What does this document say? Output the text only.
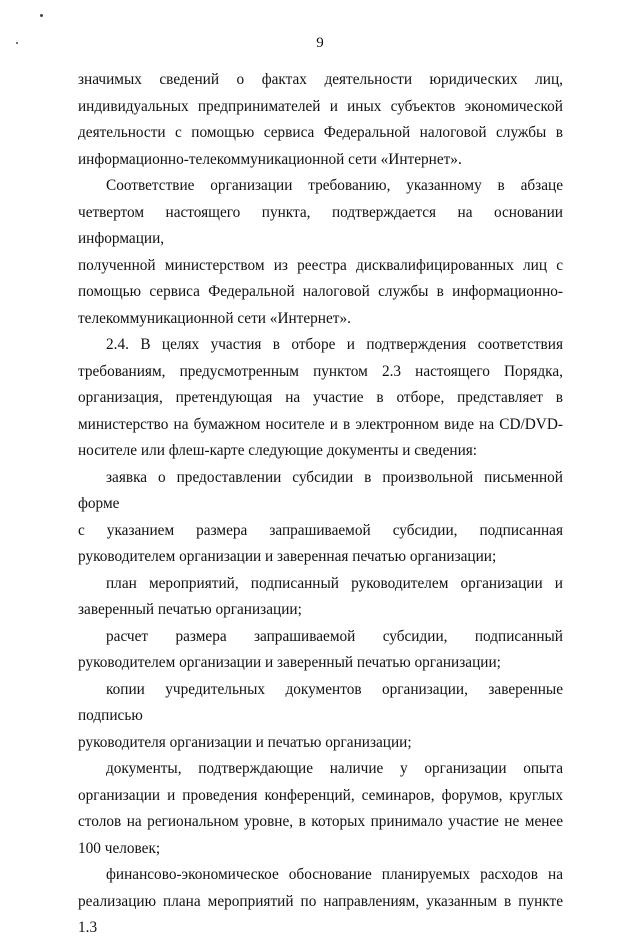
9
значимых сведений о фактах деятельности юридических лиц,
индивидуальных предпринимателей и иных субъектов экономической
деятельности с помощью сервиса Федеральной налоговой службы в
информационно-телекоммуникационной сети «Интернет».
Соответствие организации требованию, указанному в абзаце
четвертом настоящего пункта, подтверждается на основании информации,
полученной министерством из реестра дисквалифицированных лиц с
помощью сервиса Федеральной налоговой службы в информационно-
телекоммуникационной сети «Интернет».
2.4. В целях участия в отборе и подтверждения соответствия
требованиям, предусмотренным пунктом 2.3 настоящего Порядка,
организация, претендующая на участие в отборе, представляет в
министерство на бумажном носителе и в электронном виде на CD/DVD-
носителе или флеш-карте следующие документы и сведения:
заявка о предоставлении субсидии в произвольной письменной форме
с указанием размера запрашиваемой субсидии, подписанная
руководителем организации и заверенная печатью организации;
план мероприятий, подписанный руководителем организации и
заверенный печатью организации;
расчет размера запрашиваемой субсидии, подписанный
руководителем организации и заверенный печатью организации;
копии учредительных документов организации, заверенные подписью
руководителя организации и печатью организации;
документы, подтверждающие наличие у организации опыта
организации и проведения конференций, семинаров, форумов, круглых
столов на региональном уровне, в которых принимало участие не менее
100 человек;
финансово-экономическое обоснование планируемых расходов на
реализацию плана мероприятий по направлениям, указанным в пункте 1.3
